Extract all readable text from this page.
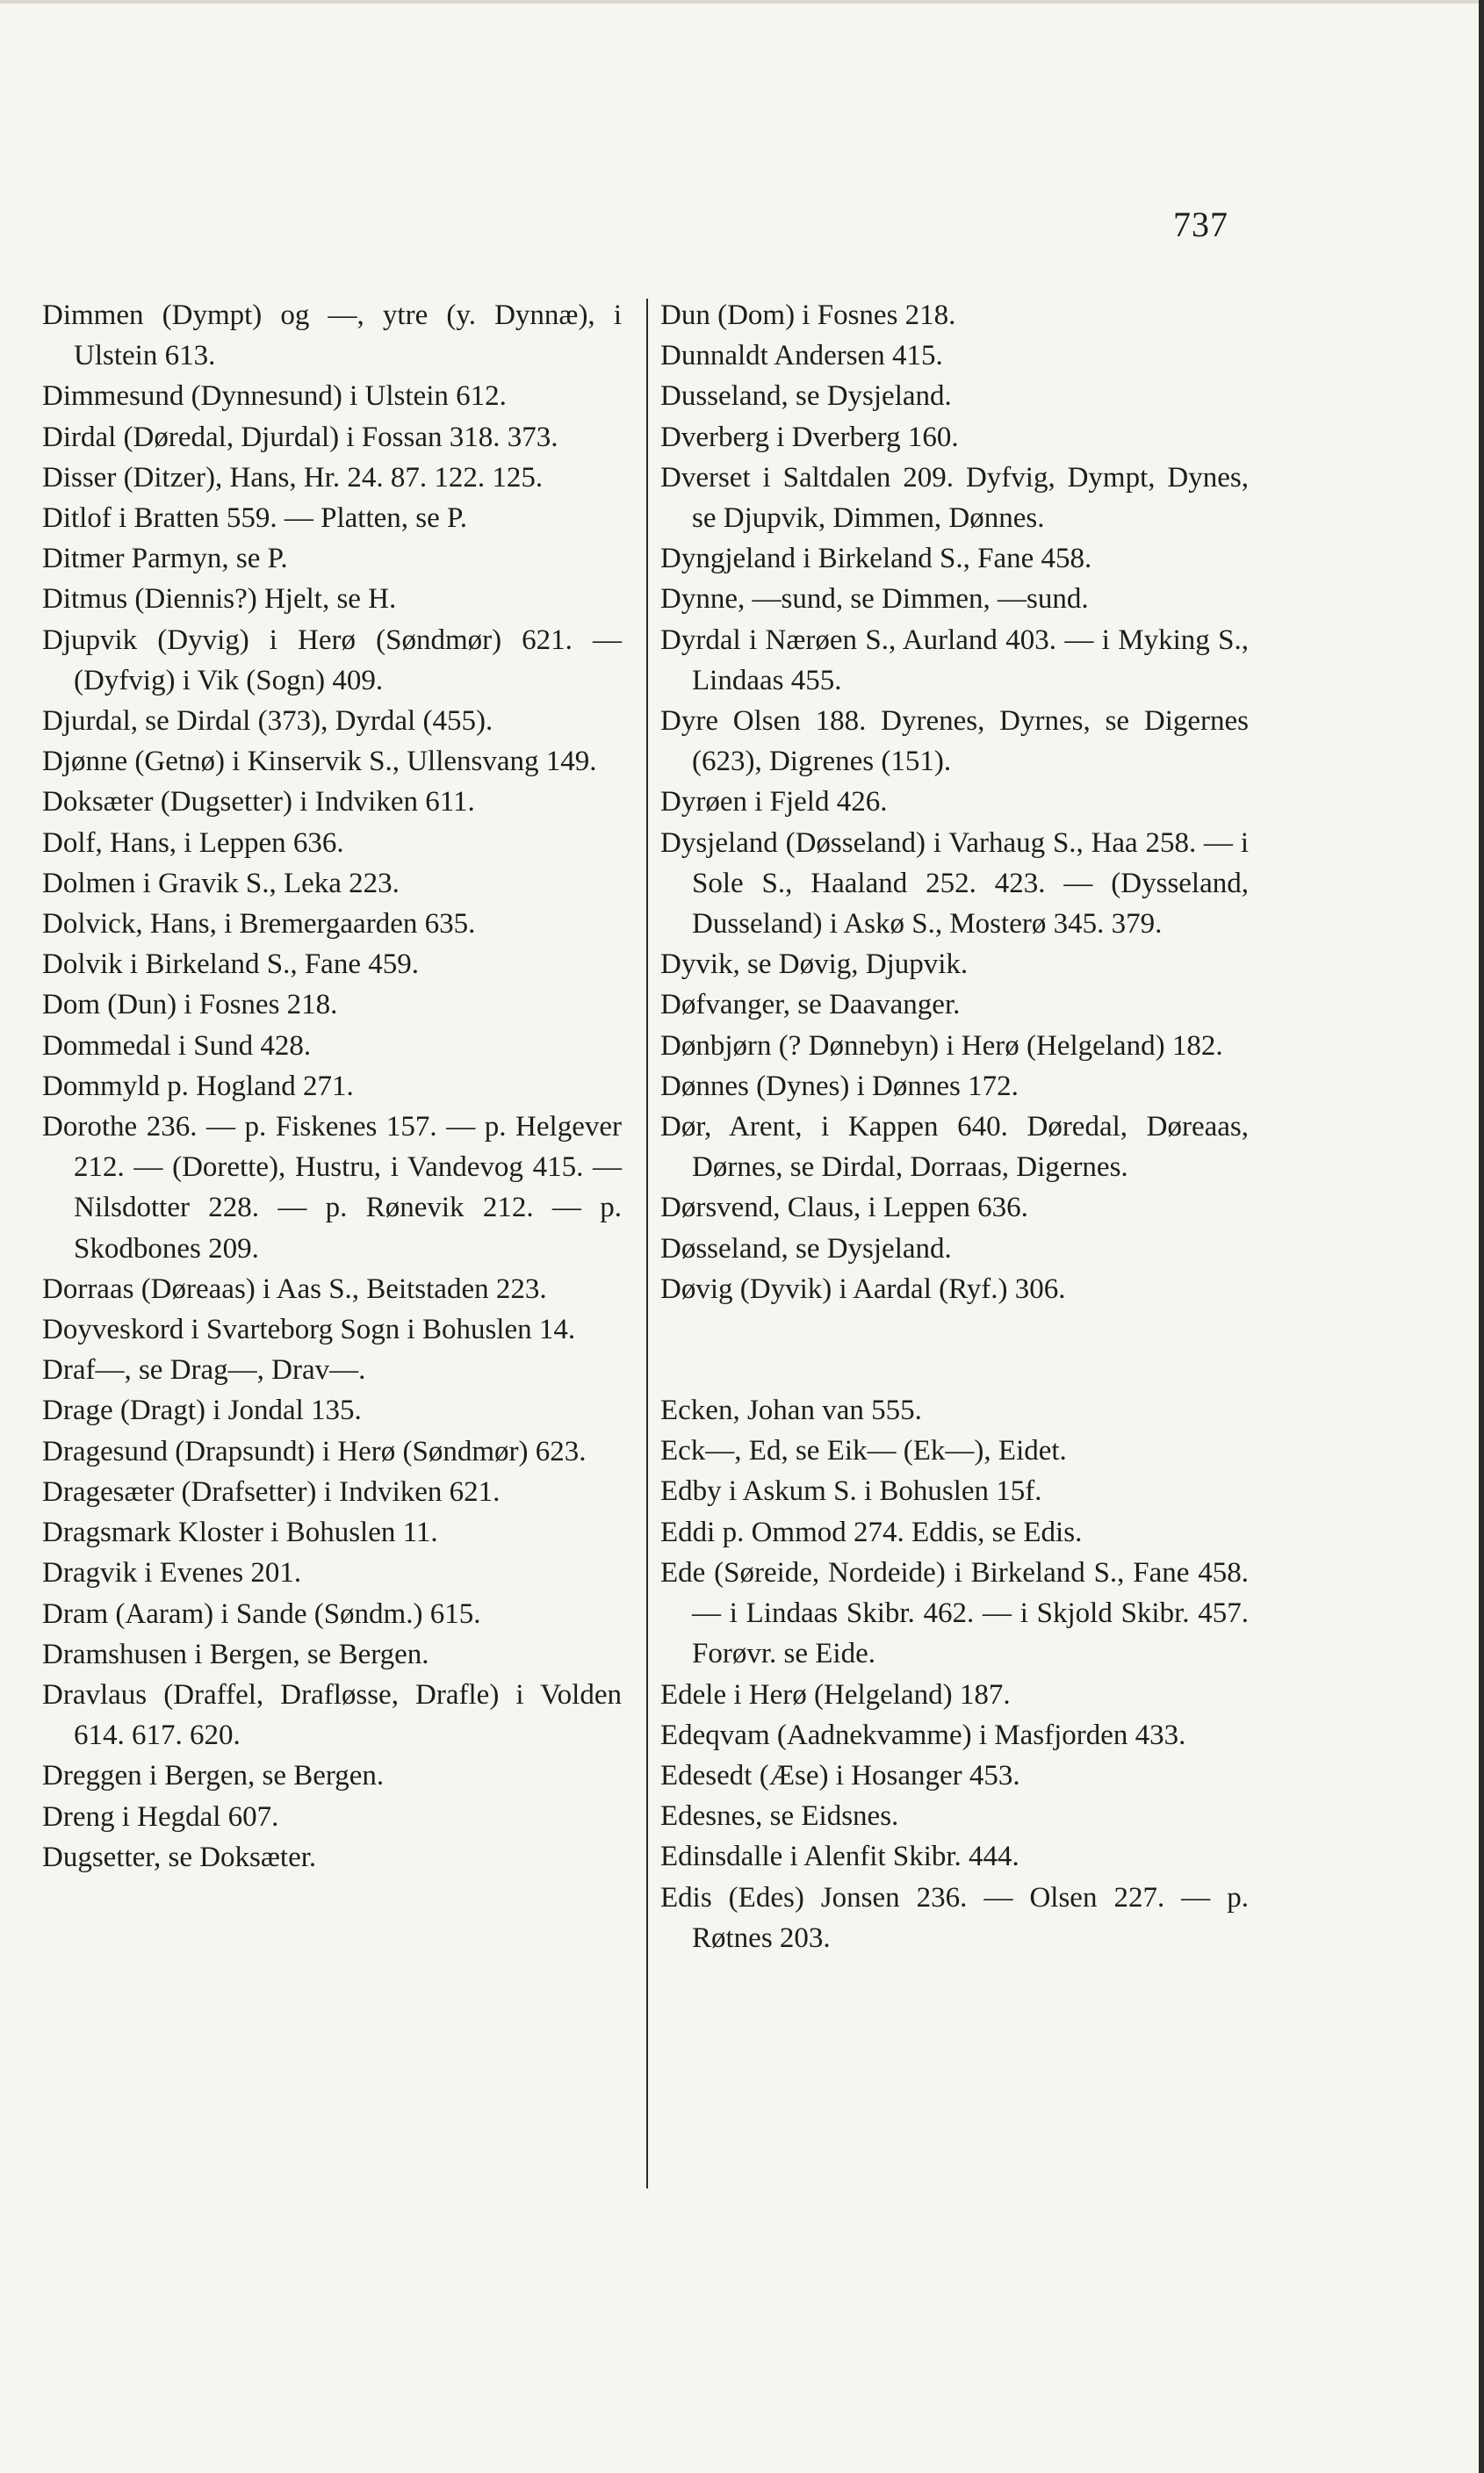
737

Dimmen (Dympt) og —, ytre (y. Dynnæ), i Ulstein 613.

Dimmesund (Dynnesund) i Ulstein 612.

Dirdal (Døredal, Djurdal) i Fossan 318. 373.

Disser (Ditzer), Hans, Hr. 24. 87. 122. 125.

Ditlof i Bratten 559. — Platten, se P.

Ditmer Parmyn, se P.

Ditmus (Diennis?) Hjelt, se H.

Djupvik (Dyvig) i Herø (Søndmør) 621. — (Dyfvig) i Vik (Sogn) 409.

Djurdal, se Dirdal (373), Dyrdal (455).

Djønne (Getnø) i Kinservik S., Ullensvang 149.

Doksæter (Dugsetter) i Indviken 611.

Dolf, Hans, i Leppen 636.

Dolmen i Gravik S., Leka 223.

Dolvick, Hans, i Bremergaarden 635.

Dolvik i Birkeland S., Fane 459.

Dom (Dun) i Fosnes 218.

Dommedal i Sund 428.

Dommyld p. Hogland 271.

Dorothe 236. — p. Fiskenes 157. — p. Helgever 212. — (Dorette), Hustru, i Vandevog 415. — Nilsdotter 228. — p. Rønevik 212. — p. Skodbones 209.

Dorraas (Døreaas) i Aas S., Beitstaden 223.

Doyveskord i Svarteborg Sogn i Bohuslen 14.

Draf—, se Drag—, Drav—.

Drage (Dragt) i Jondal 135.

Dragesund (Drapsundt) i Herø (Søndmør) 623.

Dragesæter (Drafsetter) i Indviken 621.

Dragsmark Kloster i Bohuslen 11.

Dragvik i Evenes 201.

Dram (Aaram) i Sande (Søndm.) 615.

Dramshusen i Bergen, se Bergen.

Dravlaus (Draffel, Drafløsse, Drafle) i Volden 614. 617. 620.

Dreggen i Bergen, se Bergen.

Dreng i Hegdal 607.

Dugsetter, se Doksæter.

Dun (Dom) i Fosnes 218.

Dunnaldt Andersen 415.

Dusseland, se Dysjeland.

Dverberg i Dverberg 160.

Dverset i Saltdalen 209. Dyfvig, Dympt, Dynes, se Djupvik, Dimmen, Dønnes.

Dyngjeland i Birkeland S., Fane 458.

Dynne, —sund, se Dimmen, —sund.

Dyrdal i Nærøen S., Aurland 403. — i Myking S., Lindaas 455.

Dyre Olsen 188. Dyrenes, Dyrnes, se Digernes (623), Digrenes (151).

Dyrøen i Fjeld 426.

Dysjeland (Døsseland) i Varhaug S., Haa 258. — i Sole S., Haaland 252. 423. — (Dysseland, Dusseland) i Askø S., Mosterø 345. 379.

Dyvik, se Døvig, Djupvik.

Døfvanger, se Daavanger.

Dønbjørn (? Dønnebyn) i Herø (Helgeland) 182.

Dønnes (Dynes) i Dønnes 172.

Dør, Arent, i Kappen 640. Døredal, Døreaas, Dørnes, se Dirdal, Dorraas, Digernes.

Dørsvend, Claus, i Leppen 636.

Døsseland, se Dysjeland.

Døvig (Dyvik) i Aardal (Ryf.) 306.

Ecken, Johan van 555.

Eck—, Ed, se Eik— (Ek—), Eidet.

Edby i Askum S. i Bohuslen 15f.

Eddi p. Ommod 274. Eddis, se Edis.

Ede (Søreide, Nordeide) i Birkeland S., Fane 458. — i Lindaas Skibr. 462. — i Skjold Skibr. 457. Forøvr. se Eide.

Edele i Herø (Helgeland) 187.

Edeqvam (Aadnekvamme) i Masfjorden 433.

Edesedt (Æse) i Hosanger 453.

Edesnes, se Eidsnes.

Edinsdalle i Alenfit Skibr. 444.

Edis (Edes) Jonsen 236. — Olsen 227. — p. Røtnes 203.
